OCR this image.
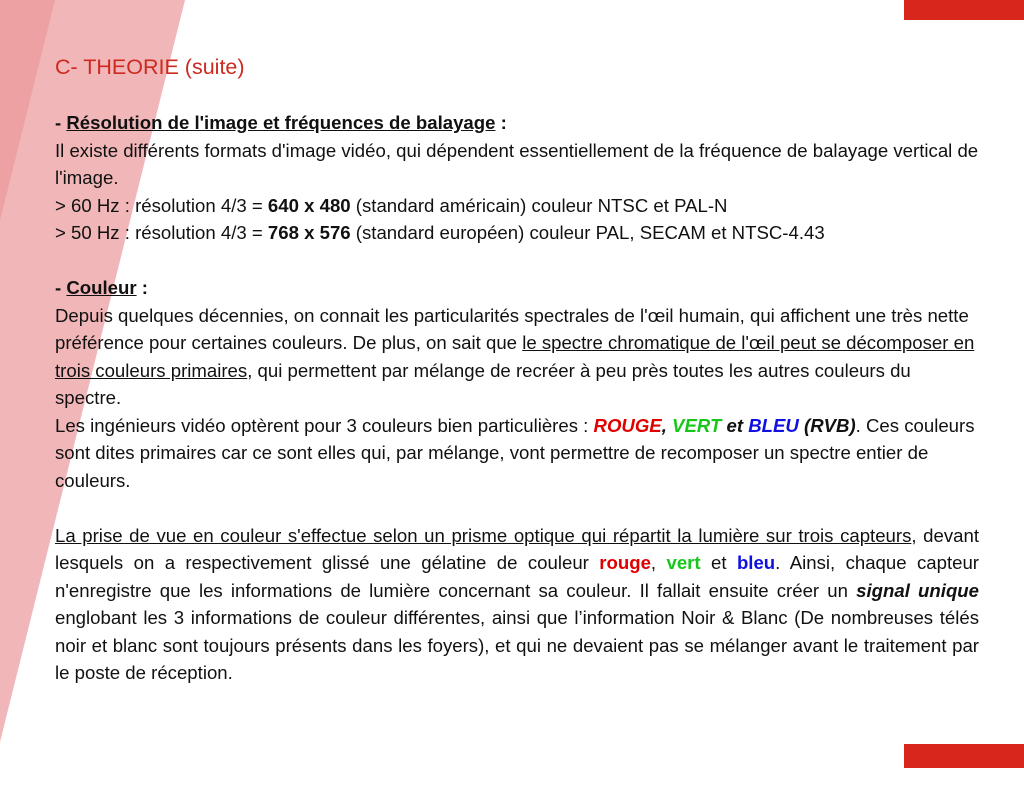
C- THEORIE (suite)

- Résolution de l'image et fréquences de balayage :

Il existe différents formats d'image vidéo, qui dépendent essentiellement de la fréquence de balayage vertical de l'image.

> 60 Hz : résolution 4/3 = 640 x 480 (standard américain) couleur NTSC et PAL-N

> 50 Hz : résolution 4/3 = 768 x 576 (standard européen) couleur PAL, SECAM et NTSC-4.43

- Couleur :

Depuis quelques décennies, on connait les particularités spectrales de l'œil humain, qui affichent une très nette préférence pour certaines couleurs. De plus, on sait que le spectre chromatique de l'œil peut se décomposer en trois couleurs primaires, qui permettent par mélange de recréer à peu près toutes les autres couleurs du spectre.

Les ingénieurs vidéo optèrent pour 3 couleurs bien particulières : ROUGE, VERT et BLEU (RVB). Ces couleurs sont dites primaires car ce sont elles qui, par mélange, vont permettre de recomposer un spectre entier de couleurs.

La prise de vue en couleur s'effectue selon un prisme optique qui répartit la lumière sur trois capteurs, devant lesquels on a respectivement glissé une gélatine de couleur rouge, vert et bleu. Ainsi, chaque capteur n'enregistre que les informations de lumière concernant sa couleur. Il fallait ensuite créer un signal unique englobant les 3 informations de couleur différentes, ainsi que l’information Noir & Blanc (De nombreuses télés noir et blanc sont toujours présents dans les foyers), et qui ne devaient pas se mélanger avant le traitement par le poste de réception.
